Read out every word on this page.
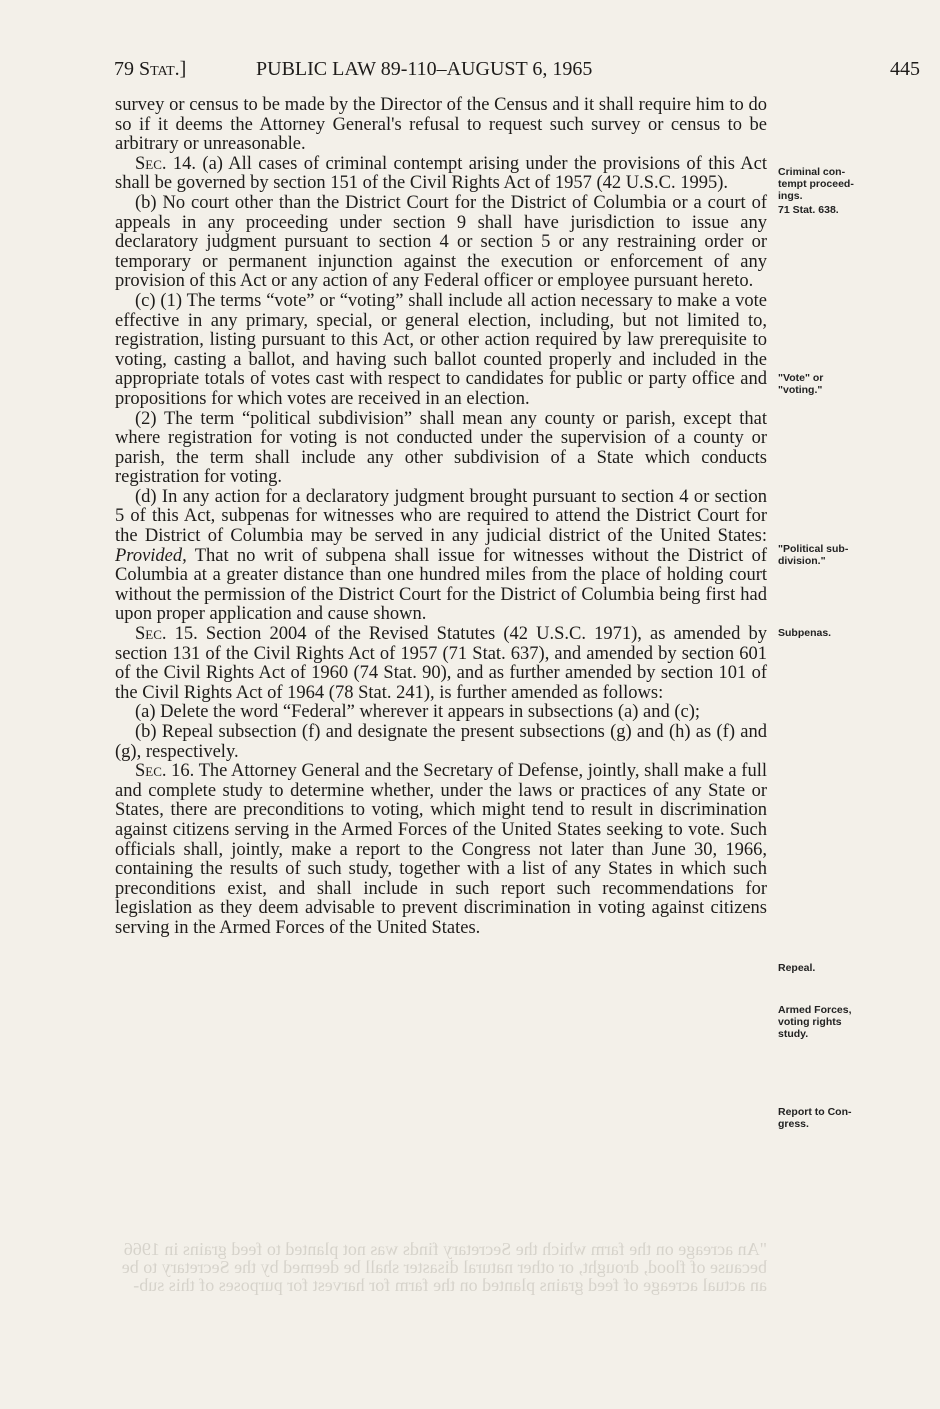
79 Stat.]	PUBLIC LAW 89-110–AUGUST 6, 1965	445

survey or census to be made by the Director of the Census and it shall require him to do so if it deems the Attorney General's refusal to request such survey or census to be arbitrary or unreasonable.

Sec. 14. (a) All cases of criminal contempt arising under the provisions of this Act shall be governed by section 151 of the Civil Rights Act of 1957 (42 U.S.C. 1995).

(b) No court other than the District Court for the District of Columbia or a court of appeals in any proceeding under section 9 shall have jurisdiction to issue any declaratory judgment pursuant to section 4 or section 5 or any restraining order or temporary or permanent injunction against the execution or enforcement of any provision of this Act or any action of any Federal officer or employee pursuant hereto.

(c) (1) The terms “vote” or “voting” shall include all action necessary to make a vote effective in any primary, special, or general election, including, but not limited to, registration, listing pursuant to this Act, or other action required by law prerequisite to voting, casting a ballot, and having such ballot counted properly and included in the appropriate totals of votes cast with respect to candidates for public or party office and propositions for which votes are received in an election.

(2) The term “political subdivision” shall mean any county or parish, except that where registration for voting is not conducted under the supervision of a county or parish, the term shall include any other subdivision of a State which conducts registration for voting.

(d) In any action for a declaratory judgment brought pursuant to section 4 or section 5 of this Act, subpenas for witnesses who are required to attend the District Court for the District of Columbia may be served in any judicial district of the United States: Provided, That no writ of subpena shall issue for witnesses without the District of Columbia at a greater distance than one hundred miles from the place of holding court without the permission of the District Court for the District of Columbia being first had upon proper application and cause shown.

Sec. 15. Section 2004 of the Revised Statutes (42 U.S.C. 1971), as amended by section 131 of the Civil Rights Act of 1957 (71 Stat. 637), and amended by section 601 of the Civil Rights Act of 1960 (74 Stat. 90), and as further amended by section 101 of the Civil Rights Act of 1964 (78 Stat. 241), is further amended as follows:

(a) Delete the word “Federal” wherever it appears in subsections (a) and (c);

(b) Repeal subsection (f) and designate the present subsections (g) and (h) as (f) and (g), respectively.

Sec. 16. The Attorney General and the Secretary of Defense, jointly, shall make a full and complete study to determine whether, under the laws or practices of any State or States, there are preconditions to voting, which might tend to result in discrimination against citizens serving in the Armed Forces of the United States seeking to vote. Such officials shall, jointly, make a report to the Congress not later than June 30, 1966, containing the results of such study, together with a list of any States in which such preconditions exist, and shall include in such report such recommendations for legislation as they deem advisable to prevent discrimination in voting against citizens serving in the Armed Forces of the United States.

Criminal con-
tempt proceed-
ings.
71 Stat. 638.
"Vote" or
"voting."
"Political sub-
division."
Subpenas.
Repeal.
Armed Forces,
voting rights
study.
Report to Con-
gress.
"An acreage on the farm which the Secretary finds was not planted to feed grains in 1966 because of flood, drought, or other natural disaster shall be deemed by the Secretary to be an actual acreage of feed grains planted on the farm for harvest for purposes of this sub-
